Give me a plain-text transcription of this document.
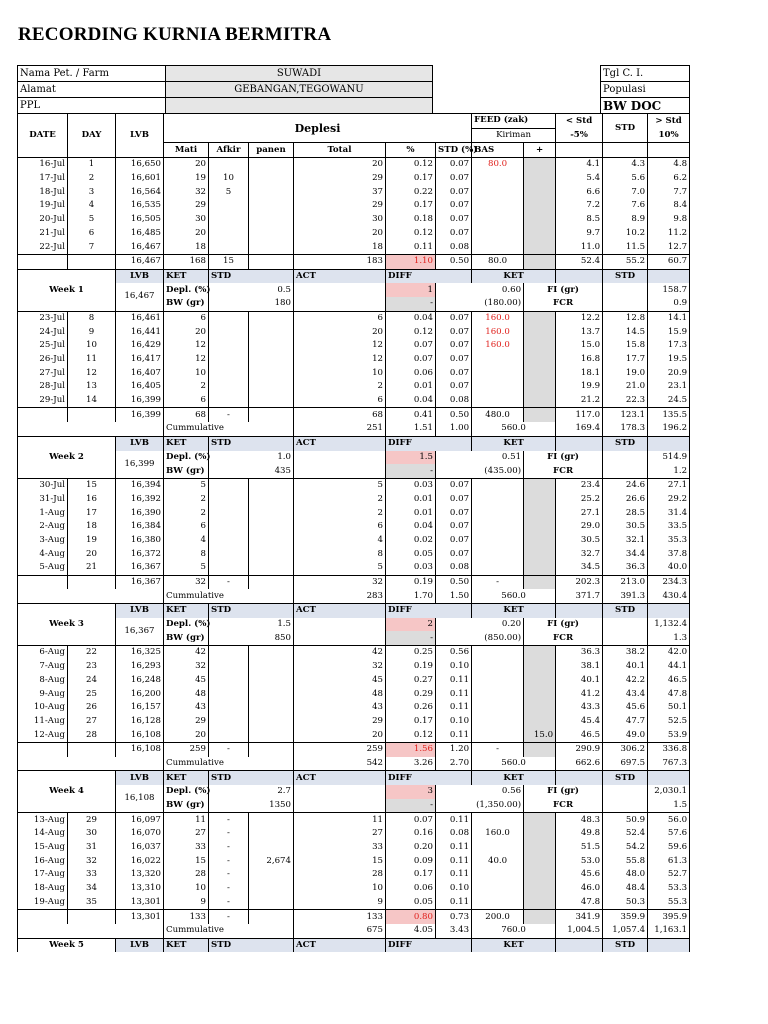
RECORDING KURNIA BERMITRA
Nama Pet. / Farm	SUWADI
Alamat	GEBANGAN,TEGOWANU
PPL	
Tgl C. I.
Populasi
BW DOC
DATE	DAY	LVB	Deplesi						FEED (zak)		< Std	STD	> Std	
									Kiriman		-5%		10%	
			Mati	Afkir	panen	Total	%	STD (%)	BAS	+				
16-Jul	1	16,650	20			20	0.12	0.07	80.0		4.1	4.3	4.8	
17-Jul	2	16,601	19	10		29	0.17	0.07			5.4	5.6	6.2	
18-Jul	3	16,564	32	5		37	0.22	0.07			6.6	7.0	7.7	
19-Jul	4	16,535	29			29	0.17	0.07			7.2	7.6	8.4	
20-Jul	5	16,505	30			30	0.18	0.07			8.5	8.9	9.8	
21-Jul	6	16,485	20			20	0.12	0.07			9.7	10.2	11.2	
22-Jul	7	16,467	18			18	0.11	0.08			11.0	11.5	12.7	
		16,467	168	15		183	1.10	0.50	80.0		52.4	55.2	60.7	
Week 1		LVB	KET	STD		ACT	DIFF		KET			STD		
		16,467	Depl. (%)	0.5			1	0.60		FI (gr)			158.7		
			BW (gr)	180			-	(180.00)		FCR			0.9		
23-Jul	8	16,461	6			6	0.04	0.07	160.0		12.2	12.8	14.1	
24-Jul	9	16,441	20			20	0.12	0.07	160.0		13.7	14.5	15.9	
25-Jul	10	16,429	12			12	0.07	0.07	160.0		15.0	15.8	17.3	
26-Jul	11	16,417	12			12	0.07	0.07			16.8	17.7	19.5	
27-Jul	12	16,407	10			10	0.06	0.07			18.1	19.0	20.9	
28-Jul	13	16,405	2			2	0.01	0.07			19.9	21.0	23.1	
29-Jul	14	16,399	6			6	0.04	0.08			21.2	22.3	24.5	
		16,399	68	-		68	0.41	0.50	480.0		117.0	123.1	135.5	
			Cummulative			251	1.51	1.00	560.0		169.4	178.3	196.2	
Week 2		LVB	KET	STD		ACT	DIFF		KET			STD		
		16,399	Depl. (%)	1.0			1.5	0.51		FI (gr)			514.9		
			BW (gr)	435			-	(435.00)		FCR			1.2		
30-Jul	15	16,394	5			5	0.03	0.07			23.4	24.6	27.1	
31-Jul	16	16,392	2			2	0.01	0.07			25.2	26.6	29.2	
1-Aug	17	16,390	2			2	0.01	0.07			27.1	28.5	31.4	
2-Aug	18	16,384	6			6	0.04	0.07			29.0	30.5	33.5	
3-Aug	19	16,380	4			4	0.02	0.07			30.5	32.1	35.3	
4-Aug	20	16,372	8			8	0.05	0.07			32.7	34.4	37.8	
5-Aug	21	16,367	5			5	0.03	0.08			34.5	36.3	40.0	
		16,367	32	-		32	0.19	0.50	-		202.3	213.0	234.3	
			Cummulative			283	1.70	1.50	560.0		371.7	391.3	430.4	
Week 3		LVB	KET	STD		ACT	DIFF		KET			STD		
		16,367	Depl. (%)	1.5			2	0.20		FI (gr)			1,132.4		
			BW (gr)	850			-	(850.00)		FCR			1.3		
6-Aug	22	16,325	42			42	0.25	0.56			36.3	38.2	42.0	
7-Aug	23	16,293	32			32	0.19	0.10			38.1	40.1	44.1	
8-Aug	24	16,248	45			45	0.27	0.11			40.1	42.2	46.5	
9-Aug	25	16,200	48			48	0.29	0.11			41.2	43.4	47.8	
10-Aug	26	16,157	43			43	0.26	0.11			43.3	45.6	50.1	
11-Aug	27	16,128	29			29	0.17	0.10			45.4	47.7	52.5	
12-Aug	28	16,108	20			20	0.12	0.11		15.0	46.5	49.0	53.9	
		16,108	259	-		259	1.56	1.20	-		290.9	306.2	336.8	
			Cummulative			542	3.26	2.70	560.0		662.6	697.5	767.3	
Week 4		LVB	KET	STD		ACT	DIFF		KET			STD		
		16,108	Depl. (%)	2.7			3	0.56		FI (gr)			2,030.1		
			BW (gr)	1350			-	(1,350.00)		FCR			1.5		
13-Aug	29	16,097	11	-		11	0.07	0.11			48.3	50.9	56.0	
14-Aug	30	16,070	27	-		27	0.16	0.08	160.0		49.8	52.4	57.6	
15-Aug	31	16,037	33	-		33	0.20	0.11			51.5	54.2	59.6	
16-Aug	32	16,022	15	-	2,674	15	0.09	0.11	40.0		53.0	55.8	61.3	
17-Aug	33	13,320	28	-		28	0.17	0.11			45.6	48.0	52.7	
18-Aug	34	13,310	10	-		10	0.06	0.10			46.0	48.4	53.3	
19-Aug	35	13,301	9	-		9	0.05	0.11			47.8	50.3	55.3	
		13,301	133	-		133	0.80	0.73	200.0		341.9	359.9	395.9	
			Cummulative			675	4.05	3.43	760.0		1,004.5	1,057.4	1,163.1	
Week 5		LVB	KET	STD		ACT	DIFF		KET			STD		
